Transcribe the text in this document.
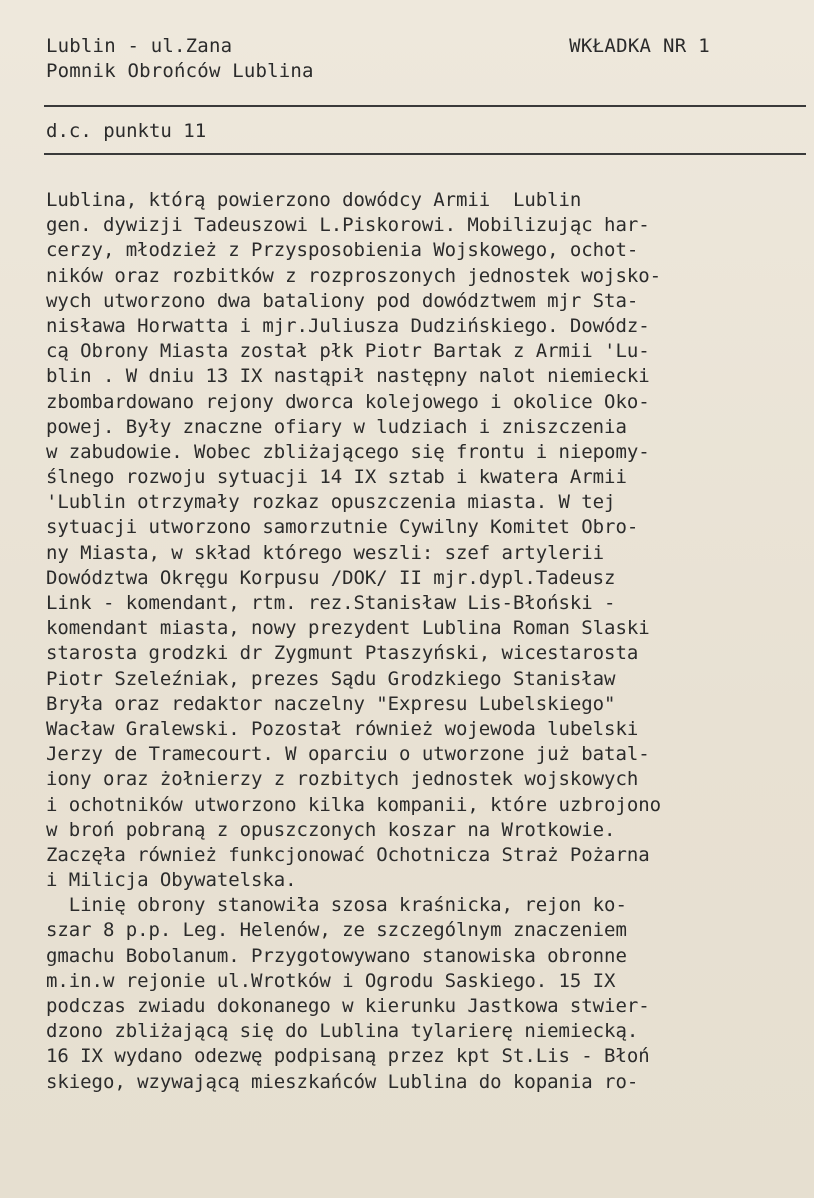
Lublin - ul.Zana
Pomnik Obrońców Lublina
WKŁADKA NR 1
d.c. punktu 11
Lublina, którą powierzono dowódcy Armii  Lublin
gen. dywizji Tadeuszowi L.Piskorowi. Mobilizując har-
cerzy, młodzież z Przysposobienia Wojskowego, ochot-
ników oraz rozbitków z rozproszonych jednostek wojsko-
wych utworzono dwa bataliony pod dowództwem mjr Sta-
nisława Horwatta i mjr.Juliusza Dudzińskiego. Dowódz-
cą Obrony Miasta został płk Piotr Bartak z Armii 'Lu-
blin . W dniu 13 IX nastąpił następny nalot niemiecki
zbombardowano rejony dworca kolejowego i okolice Oko-
powej. Były znaczne ofiary w ludziach i zniszczenia
w zabudowie. Wobec zbliżającego się frontu i niepomy-
ślnego rozwoju sytuacji 14 IX sztab i kwatera Armii
'Lublin otrzymały rozkaz opuszczenia miasta. W tej
sytuacji utworzono samorzutnie Cywilny Komitet Obro-
ny Miasta, w skład którego weszli: szef artylerii
Dowództwa Okręgu Korpusu /DOK/ II mjr.dypl.Tadeusz
Link - komendant, rtm. rez.Stanisław Lis-Błoński -
komendant miasta, nowy prezydent Lublina Roman Slaski
starosta grodzki dr Zygmunt Ptaszyński, wicestarosta
Piotr Szeleźniak, prezes Sądu Grodzkiego Stanisław
Bryła oraz redaktor naczelny "Expresu Lubelskiego"
Wacław Gralewski. Pozostał również wojewoda lubelski
Jerzy de Tramecourt. W oparciu o utworzone już batal-
iony oraz żołnierzy z rozbitych jednostek wojskowych
i ochotników utworzono kilka kompanii, które uzbrojono
w broń pobraną z opuszczonych koszar na Wrotkowie.
Zaczęła również funkcjonować Ochotnicza Straż Pożarna
i Milicja Obywatelska.
Linię obrony stanowiła szosa kraśnicka, rejon ko-
szar 8 p.p. Leg. Helenów, ze szczególnym znaczeniem
gmachu Bobolanum. Przygotowywano stanowiska obronne
m.in.w rejonie ul.Wrotków i Ogrodu Saskiego. 15 IX
podczas zwiadu dokonanego w kierunku Jastkowa stwier-
dzono zbliżającą się do Lublina tylarierę niemiecką.
16 IX wydano odezwę podpisaną przez kpt St.Lis - Błoń
skiego, wzywającą mieszkańców Lublina do kopania ro-
